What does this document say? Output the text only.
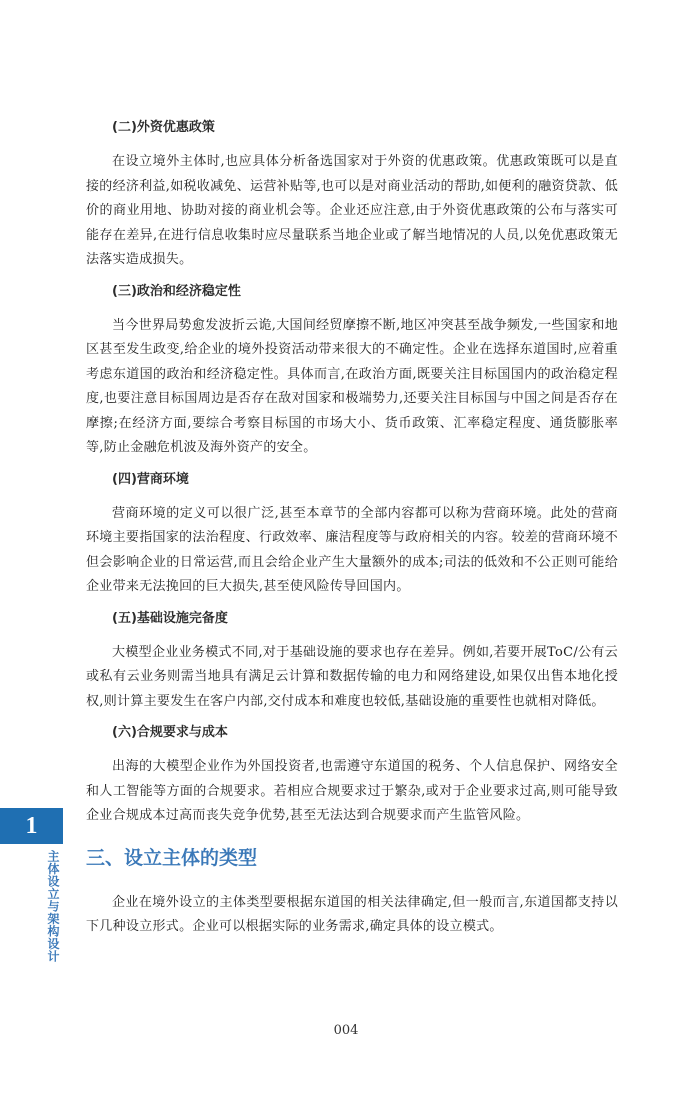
(二)外资优惠政策

在设立境外主体时,也应具体分析备选国家对于外资的优惠政策。优惠政策既可以是直接的经济利益,如税收减免、运营补贴等,也可以是对商业活动的帮助,如便利的融资贷款、低价的商业用地、协助对接的商业机会等。企业还应注意,由于外资优惠政策的公布与落实可能存在差异,在进行信息收集时应尽量联系当地企业或了解当地情况的人员,以免优惠政策无法落实造成损失。

(三)政治和经济稳定性

当今世界局势愈发波折云诡,大国间经贸摩擦不断,地区冲突甚至战争频发,一些国家和地区甚至发生政变,给企业的境外投资活动带来很大的不确定性。企业在选择东道国时,应着重考虑东道国的政治和经济稳定性。具体而言,在政治方面,既要关注目标国国内的政治稳定程度,也要注意目标国周边是否存在敌对国家和极端势力,还要关注目标国与中国之间是否存在摩擦;在经济方面,要综合考察目标国的市场大小、货币政策、汇率稳定程度、通货膨胀率等,防止金融危机波及海外资产的安全。

(四)营商环境

营商环境的定义可以很广泛,甚至本章节的全部内容都可以称为营商环境。此处的营商环境主要指国家的法治程度、行政效率、廉洁程度等与政府相关的内容。较差的营商环境不但会影响企业的日常运营,而且会给企业产生大量额外的成本;司法的低效和不公正则可能给企业带来无法挽回的巨大损失,甚至使风险传导回国内。

(五)基础设施完备度

大模型企业业务模式不同,对于基础设施的要求也存在差异。例如,若要开展ToC/公有云或私有云业务则需当地具有满足云计算和数据传输的电力和网络建设,如果仅出售本地化授权,则计算主要发生在客户内部,交付成本和难度也较低,基础设施的重要性也就相对降低。

(六)合规要求与成本

出海的大模型企业作为外国投资者,也需遵守东道国的税务、个人信息保护、网络安全和人工智能等方面的合规要求。若相应合规要求过于繁杂,或对于企业要求过高,则可能导致企业合规成本过高而丧失竞争优势,甚至无法达到合规要求而产生监管风险。

三、设立主体的类型

企业在境外设立的主体类型要根据东道国的相关法律确定,但一般而言,东道国都支持以下几种设立形式。企业可以根据实际的业务需求,确定具体的设立模式。

1
主体设立与架构设计
004
